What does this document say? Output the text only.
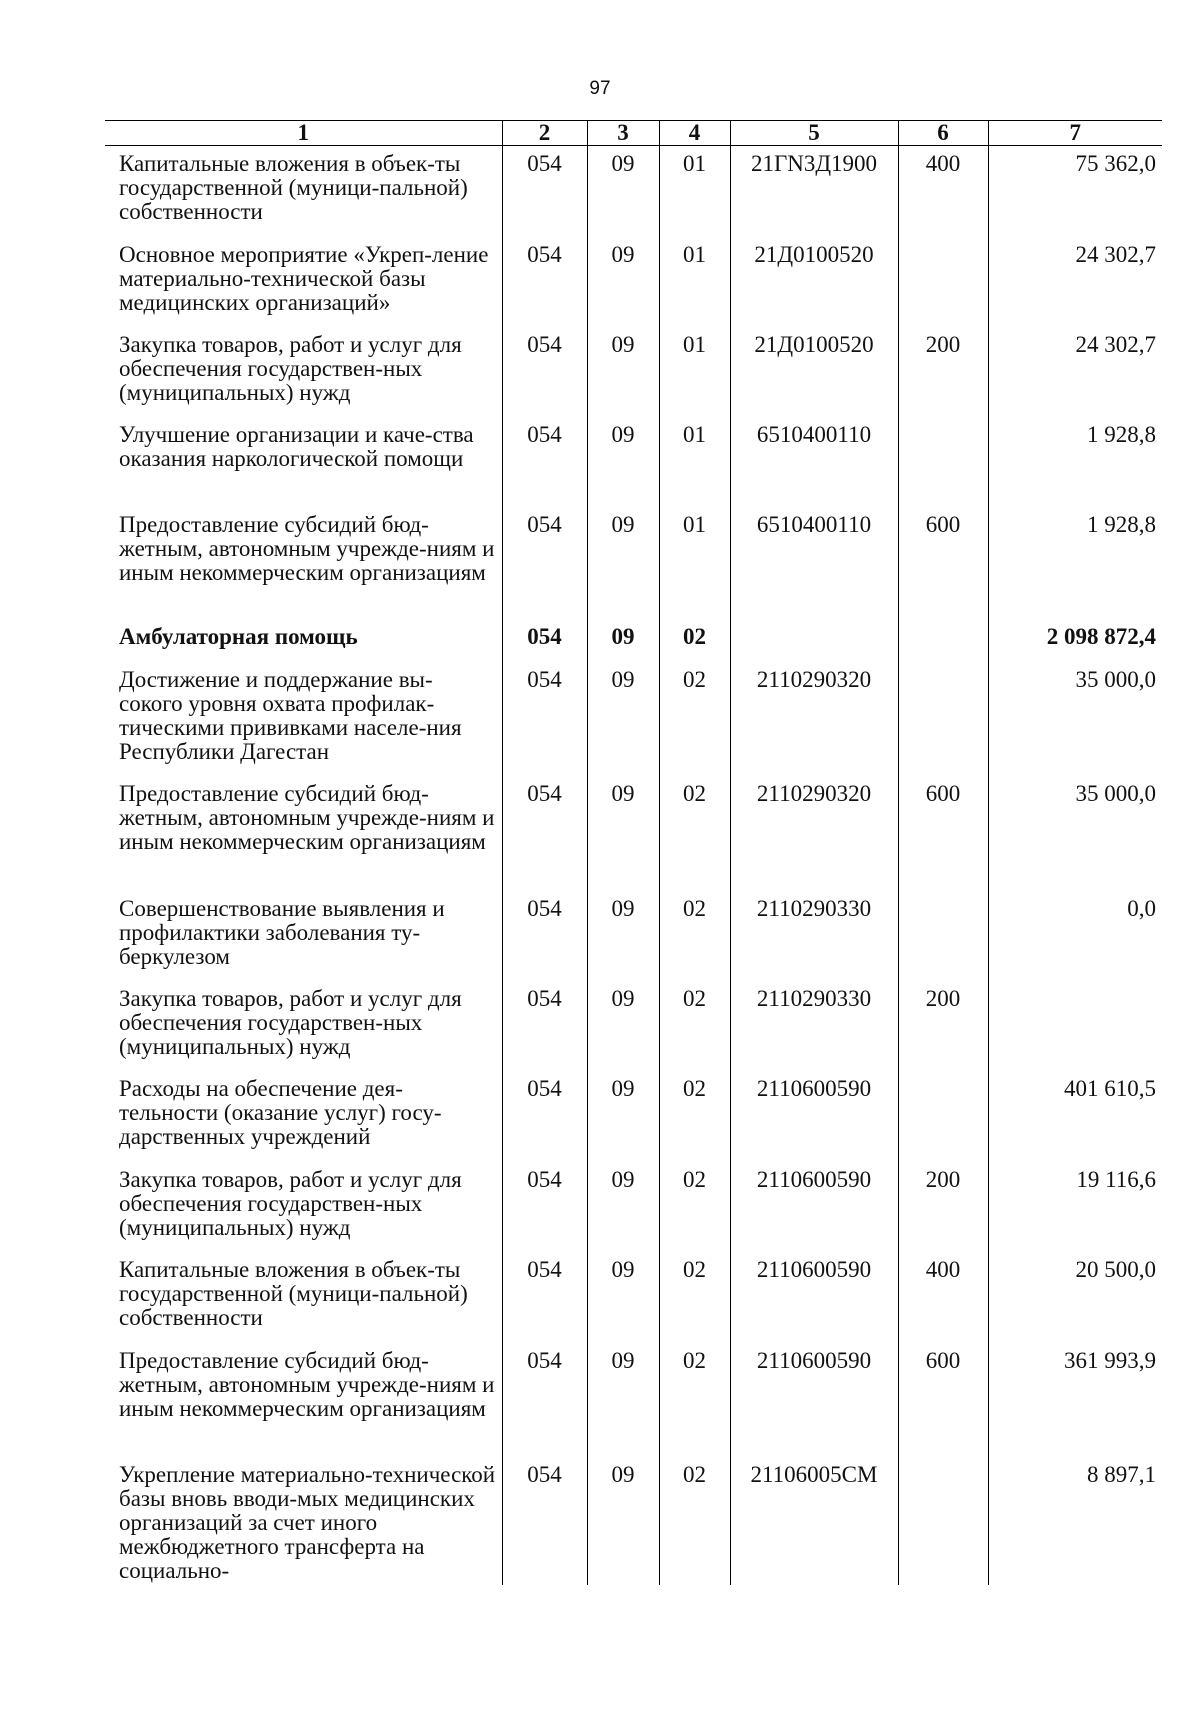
97
1	2	3	4	5	6	7
Капитальные вложения в объек-ты государственной (муници-пальной) собственности	054	09	01	21ГN3Д1900	400	75 362,0
Основное мероприятие «Укреп-ление материально-технической базы медицинских организаций»	054	09	01	21Д0100520		24 302,7
Закупка товаров, работ и услуг для обеспечения государствен-ных (муниципальных) нужд	054	09	01	21Д0100520	200	24 302,7
Улучшение организации и каче-ства оказания наркологической помощи	054	09	01	6510400110		1 928,8
Предоставление субсидий бюд-жетным, автономным учрежде-ниям и иным некоммерческим организациям	054	09	01	6510400110	600	1 928,8
Амбулаторная помощь	054	09	02			2 098 872,4
Достижение и поддержание вы-сокого уровня охвата профилак-тическими прививками населе-ния Республики Дагестан	054	09	02	2110290320		35 000,0
Предоставление субсидий бюд-жетным, автономным учрежде-ниям и иным некоммерческим организациям	054	09	02	2110290320	600	35 000,0
Совершенствование выявления и профилактики заболевания ту-беркулезом	054	09	02	2110290330		0,0
Закупка товаров, работ и услуг для обеспечения государствен-ных (муниципальных) нужд	054	09	02	2110290330	200	
Расходы на обеспечение дея-тельности (оказание услуг) госу-дарственных учреждений	054	09	02	2110600590		401 610,5
Закупка товаров, работ и услуг для обеспечения государствен-ных (муниципальных) нужд	054	09	02	2110600590	200	19 116,6
Капитальные вложения в объек-ты государственной (муници-пальной) собственности	054	09	02	2110600590	400	20 500,0
Предоставление субсидий бюд-жетным, автономным учрежде-ниям и иным некоммерческим организациям	054	09	02	2110600590	600	361 993,9
Укрепление материально-технической базы вновь вводи-мых медицинских организаций за счет иного межбюджетного трансферта на социально-	054	09	02	21106005СМ		8 897,1
